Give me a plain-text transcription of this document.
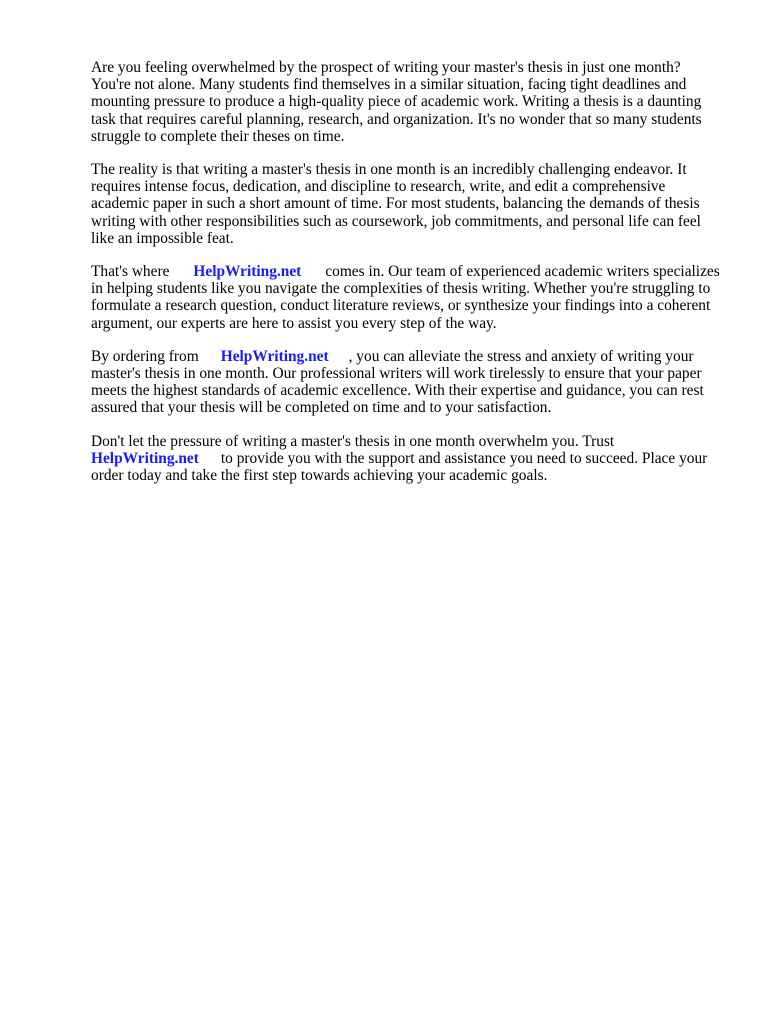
Are you feeling overwhelmed by the prospect of writing your master's thesis in just one month? You're not alone. Many students find themselves in a similar situation, facing tight deadlines and mounting pressure to produce a high-quality piece of academic work. Writing a thesis is a daunting task that requires careful planning, research, and organization. It's no wonder that so many students struggle to complete their theses on time.

The reality is that writing a master's thesis in one month is an incredibly challenging endeavor. It requires intense focus, dedication, and discipline to research, write, and edit a comprehensive academic paper in such a short amount of time. For most students, balancing the demands of thesis writing with other responsibilities such as coursework, job commitments, and personal life can feel like an impossible feat.

That's where HelpWriting.net comes in. Our team of experienced academic writers specializes in helping students like you navigate the complexities of thesis writing. Whether you're struggling to formulate a research question, conduct literature reviews, or synthesize your findings into a coherent argument, our experts are here to assist you every step of the way.

By ordering from HelpWriting.net , you can alleviate the stress and anxiety of writing your master's thesis in one month. Our professional writers will work tirelessly to ensure that your paper meets the highest standards of academic excellence. With their expertise and guidance, you can rest assured that your thesis will be completed on time and to your satisfaction.

Don't let the pressure of writing a master's thesis in one month overwhelm you. Trust HelpWriting.net to provide you with the support and assistance you need to succeed. Place your order today and take the first step towards achieving your academic goals.
